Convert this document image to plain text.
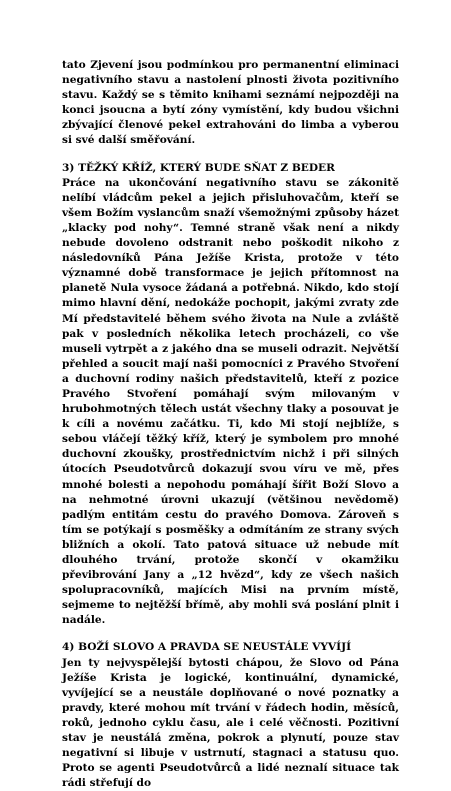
tato Zjevení jsou podmínkou pro permanentní eliminaci negativního stavu a nastolení plnosti života pozitivního stavu. Každý se s těmito knihami seznámí nejpozději na konci jsoucna a bytí zóny vymístění, kdy budou všichni zbývající členové pekel extrahováni do limba a vyberou si své další směřování.

3) TĚŽKÝ KŘÍŽ, KTERÝ BUDE SŇAT Z BEDER

Práce na ukončování negativního stavu se zákonitě nelíbí vládcům pekel a jejich přisluhovačům, kteří se všem Božím vyslancům snaží všemožnými způsoby házet „klacky pod nohy“. Temné straně však není a nikdy nebude dovoleno odstranit nebo poškodit nikoho z následovníků Pána Ježíše Krista, protože v této významné době transformace je jejich přítomnost na planetě Nula vysoce žádaná a potřebná. Nikdo, kdo stojí mimo hlavní dění, nedokáže pochopit, jakými zvraty zde Mí představitelé během svého života na Nule a zvláště pak v posledních několika letech procházeli, co vše museli vytrpět a z jakého dna se museli odrazit. Největší přehled a soucit mají naši pomocníci z Pravého Stvoření a duchovní rodiny našich představitelů, kteří z pozice Pravého Stvoření pomáhají svým milovaným v hrubohmotných tělech ustát všechny tlaky a posouvat je k cíli a novému začátku. Ti, kdo Mi stojí nejblíže, s sebou vláčejí těžký kříž, který je symbolem pro mnohé duchovní zkoušky, prostřednictvím nichž i při silných útocích Pseudotvůrců dokazují svou víru ve mě, přes mnohé bolesti a nepohodu pomáhají šířit Boží Slovo a na nehmotné úrovni ukazují (většinou nevědomě) padlým entitám cestu do pravého Domova. Zároveň s tím se potýkají s posměšky a odmítáním ze strany svých bližních a okolí. Tato patová situace už nebude mít dlouhého trvání, protože skončí v okamžiku převibrování Jany a „12 hvězd“, kdy ze všech našich spolupracovníků, majících Misi na prvním místě, sejmeme to nejtěžší břímě, aby mohli svá poslání plnit i nadále.

4) BOŽÍ SLOVO A PRAVDA SE NEUSTÁLE VYVÍJÍ

Jen ty nejvyspělejší bytosti chápou, že Slovo od Pána Ježíše Krista je logické, kontinuální, dynamické, vyvíjející se a neustále doplňované o nové poznatky a pravdy, které mohou mít trvání v řádech hodin, měsíců, roků, jednoho cyklu času, ale i celé věčnosti. Pozitivní stav je neustálá změna, pokrok a plynutí, pouze stav negativní si libuje v ustrnutí, stagnaci a statusu quo. Proto se agenti Pseudotvůrců a lidé neznalí situace tak rádi střefují do
